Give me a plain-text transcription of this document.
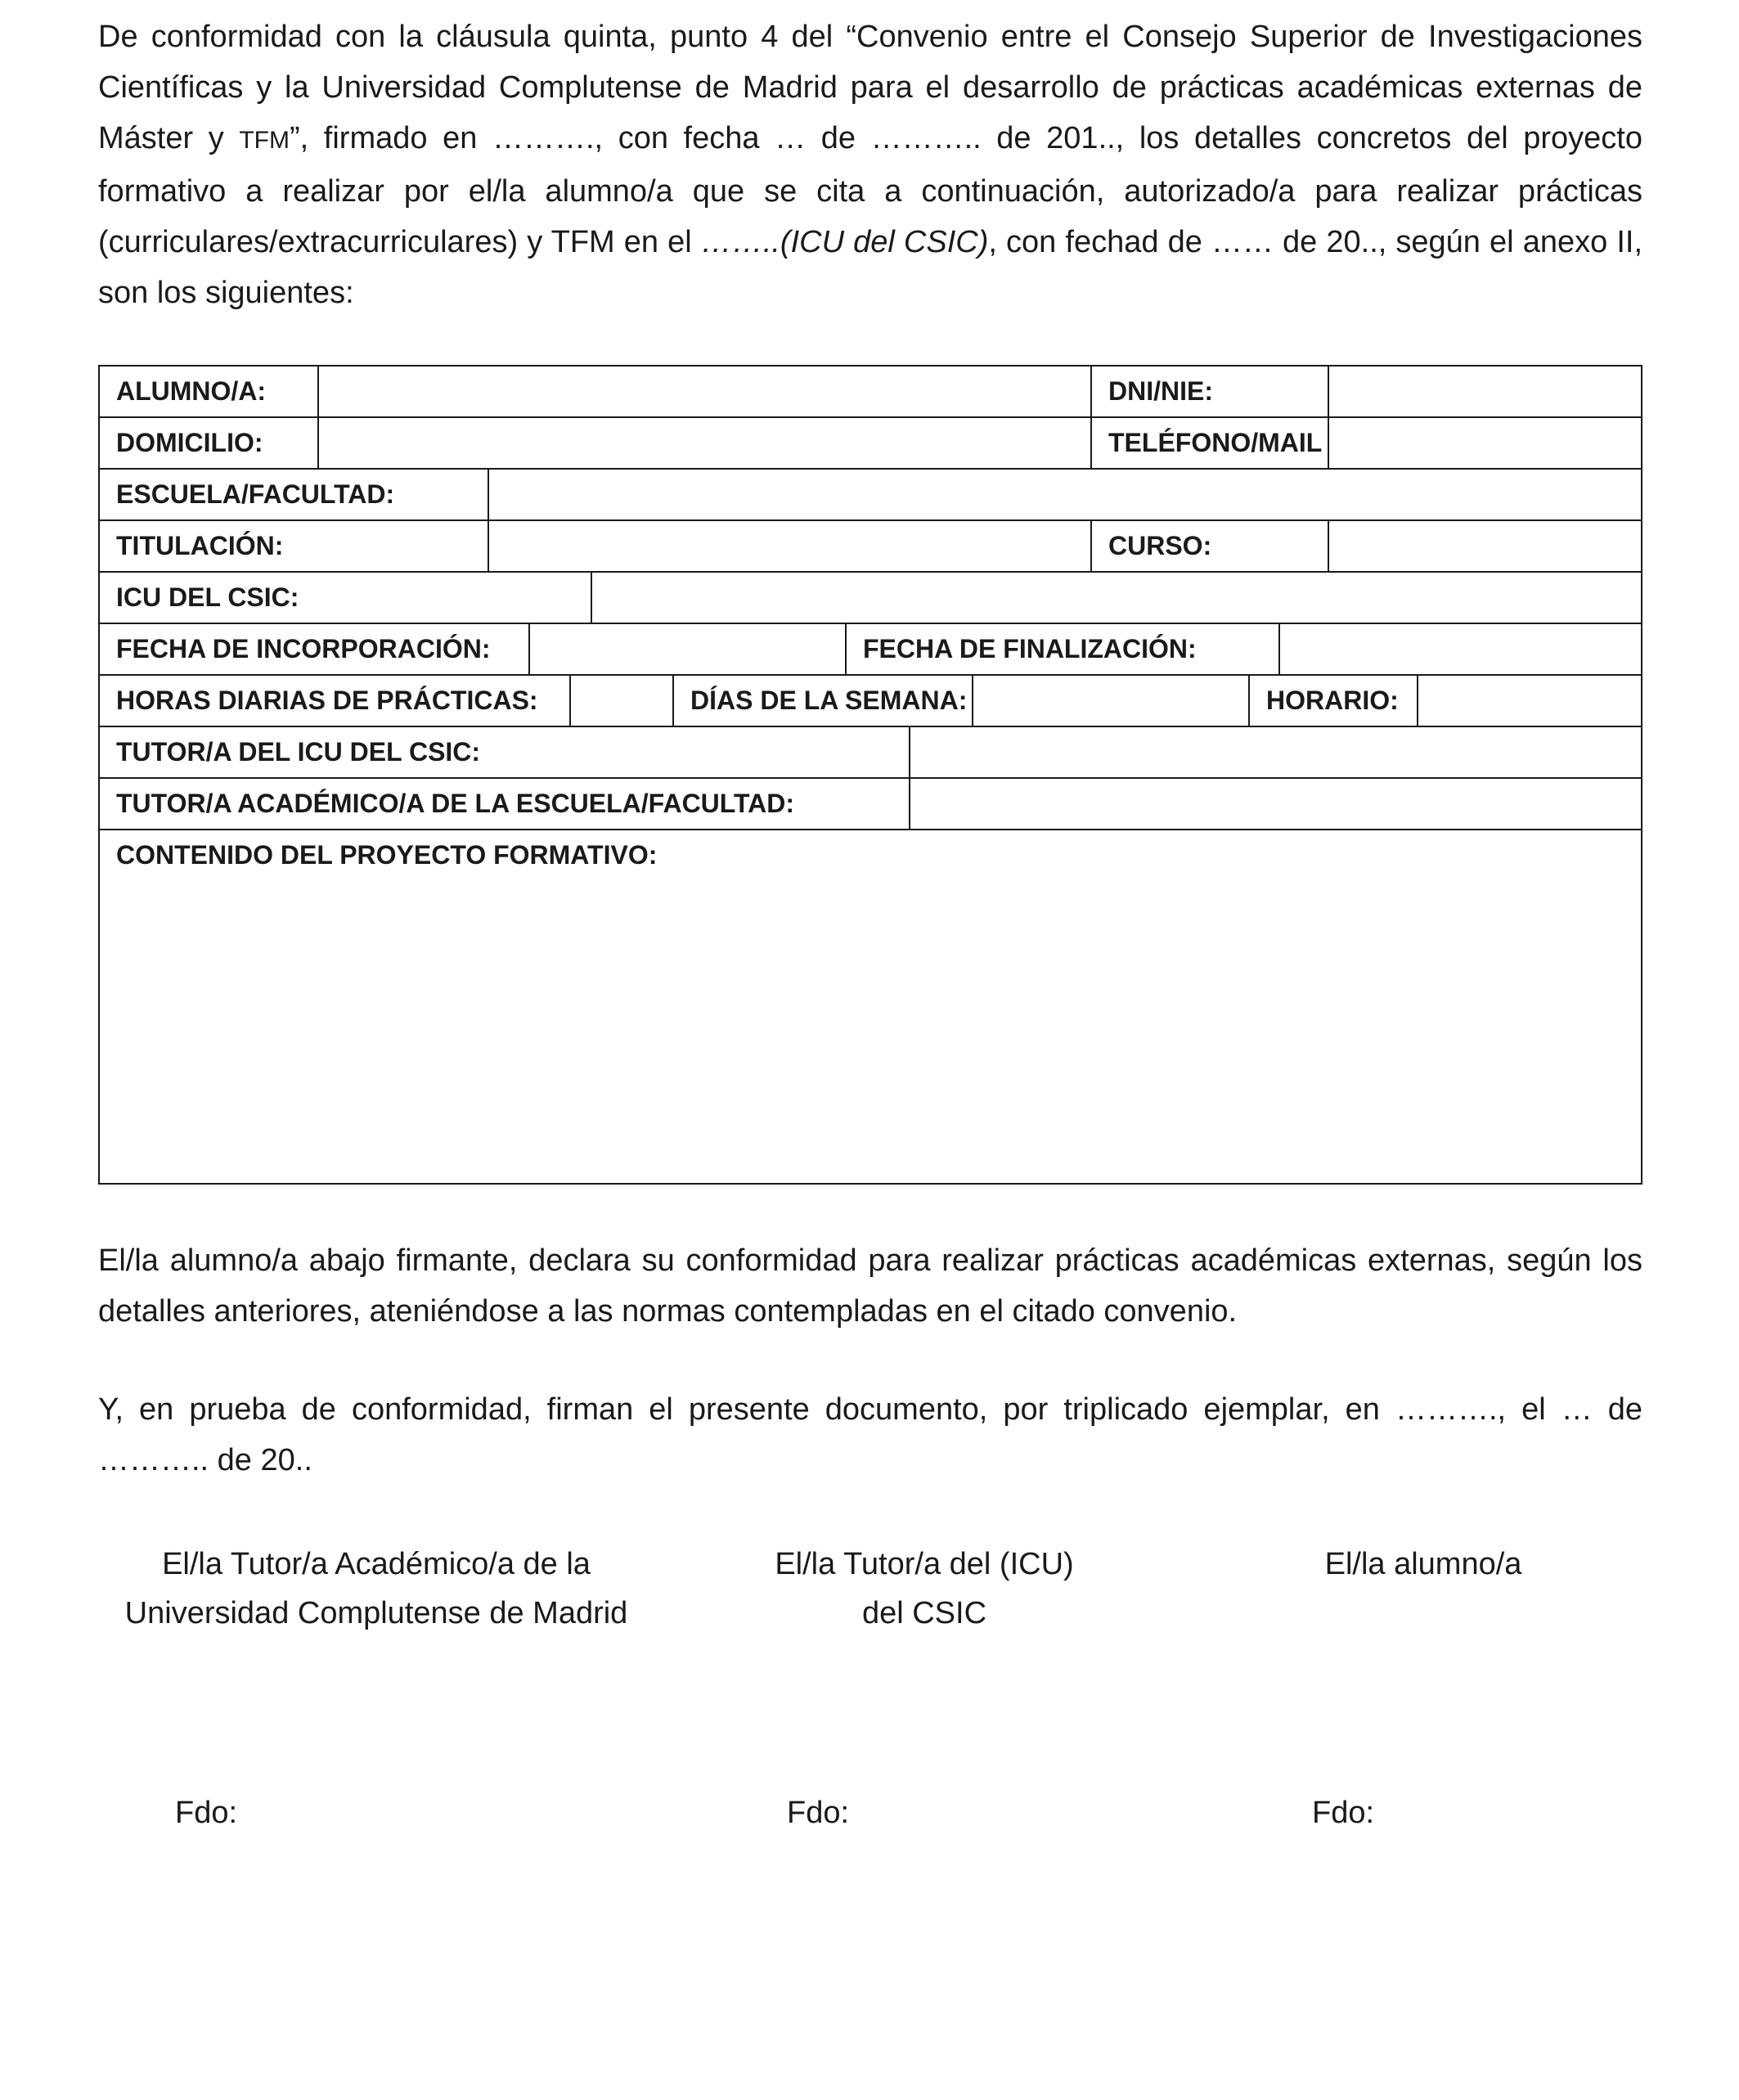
De conformidad con la cláusula quinta, punto 4 del “Convenio entre el Consejo Superior de Investigaciones Científicas y la Universidad Complutense de Madrid para el desarrollo de prácticas académicas externas de Máster y TFM”, firmado en ………., con fecha … de ……….. de 201.., los detalles concretos del proyecto formativo a realizar por el/la alumno/a que se cita a continuación, autorizado/a para realizar prácticas (curriculares/extracurriculares) y TFM en el ……..(ICU del CSIC), con fechad de …… de 20.., según el anexo II, son los siguientes:

ALUMNO/A:	DNI/NIE:
DOMICILIO:	TELÉFONO/MAIL
ESCUELA/FACULTAD:
TITULACIÓN:	CURSO:
ICU DEL CSIC:
FECHA DE INCORPORACIÓN:	FECHA DE FINALIZACIÓN:
HORAS DIARIAS DE PRÁCTICAS:	DÍAS DE LA SEMANA:	HORARIO:
TUTOR/A DEL ICU DEL CSIC:
TUTOR/A ACADÉMICO/A DE LA ESCUELA/FACULTAD:
CONTENIDO DEL PROYECTO FORMATIVO:

El/la alumno/a abajo firmante, declara su conformidad para realizar prácticas académicas externas, según los detalles anteriores, ateniéndose a las normas contempladas en el citado convenio.

Y, en prueba de conformidad, firman el presente documento, por triplicado ejemplar, en ………., el … de ……….. de 20..

El/la Tutor/a Académico/a de la
Universidad Complutense de Madrid
El/la Tutor/a del (ICU)
del CSIC
El/la alumno/a
Fdo:	Fdo:	Fdo:
